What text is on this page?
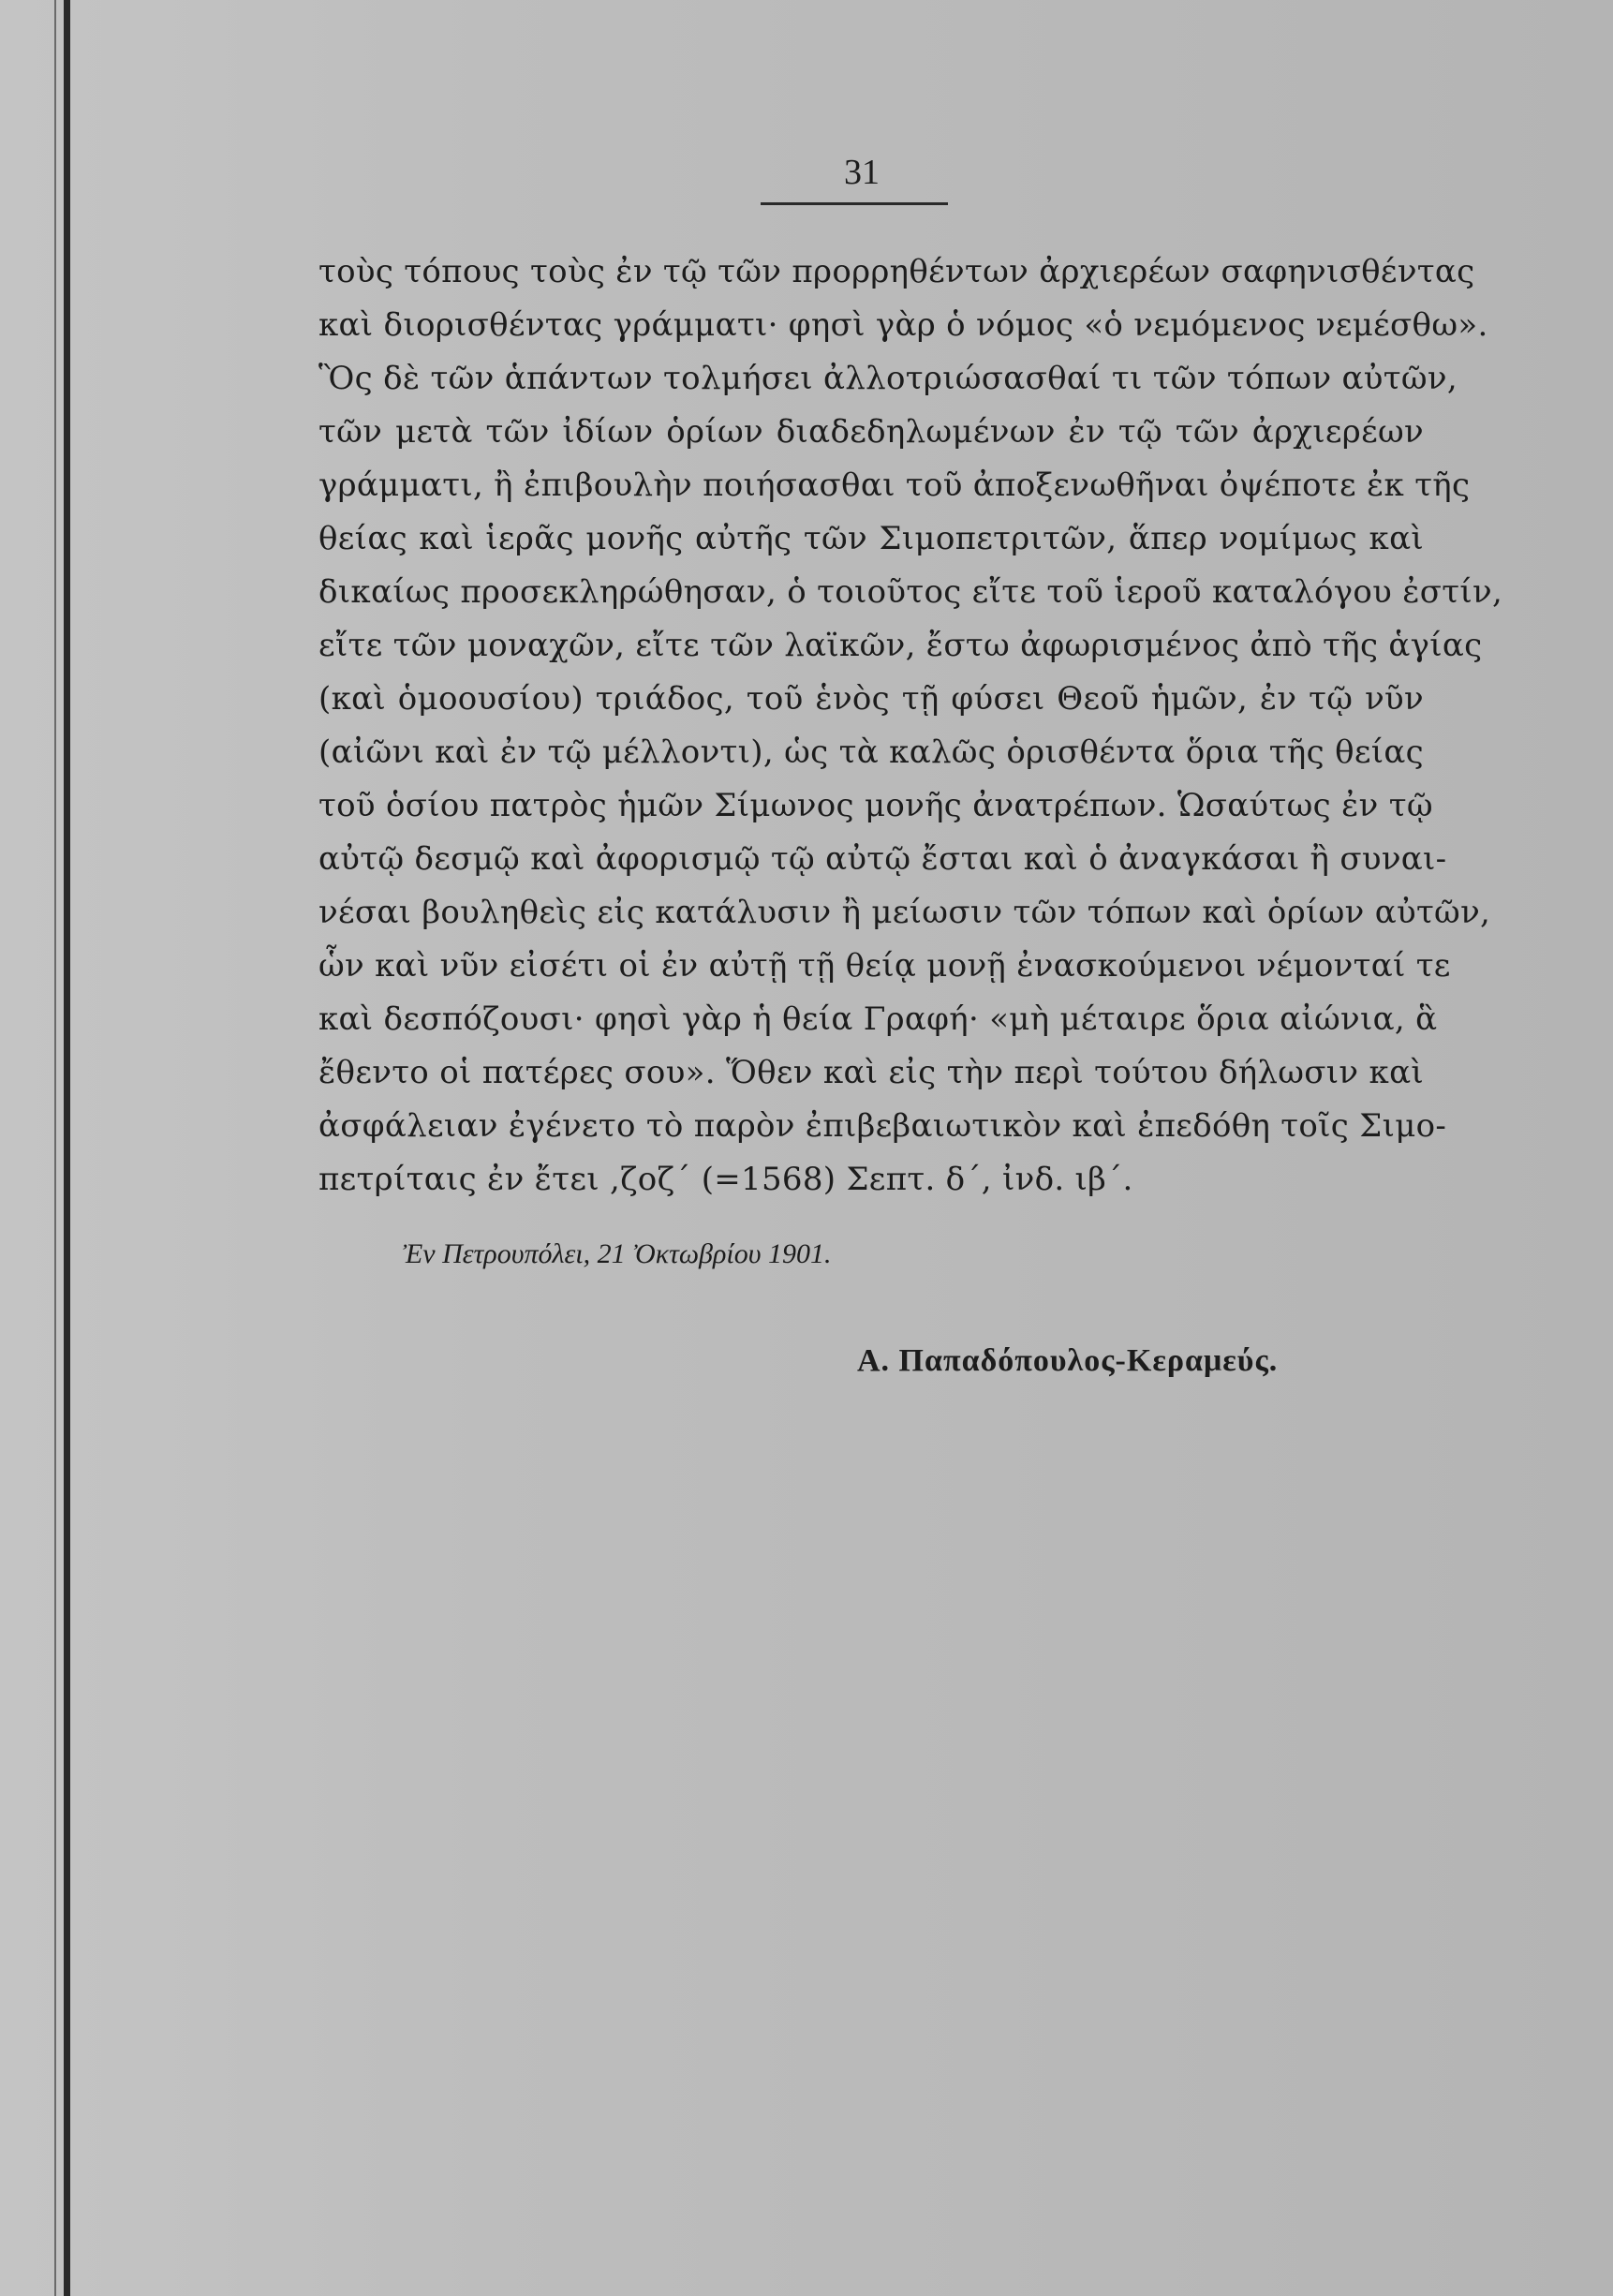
31
τοὺς τόπους τοὺς ἐν τῷ τῶν προρρηθέντων ἀρχιερέων σαφηνισθέντας
καὶ διορισθέντας γράμματι· φησὶ γὰρ ὁ νόμος «ὁ νεμόμενος νεμέσθω».
Ὃς δὲ τῶν ἁπάντων τολμήσει ἀλλοτριώσασθαί τι τῶν τόπων αὐτῶν,
τῶν μετὰ τῶν ἰδίων ὁρίων διαδεδηλωμένων ἐν τῷ τῶν ἀρχιερέων
γράμματι, ἢ ἐπιβουλὴν ποιήσασθαι τοῦ ἀποξενωθῆναι ὀψέποτε ἐκ τῆς
θείας καὶ ἱερᾶς μονῆς αὐτῆς τῶν Σιμοπετριτῶν, ἅπερ νομίμως καὶ
δικαίως προσεκληρώθησαν, ὁ τοιοῦτος εἴτε τοῦ ἱεροῦ καταλόγου ἐστίν,
εἴτε τῶν μοναχῶν, εἴτε τῶν λαϊκῶν, ἔστω ἀφωρισμένος ἀπὸ τῆς ἁγίας
(καὶ ὁμοουσίου) τριάδος, τοῦ ἑνὸς τῇ φύσει Θεοῦ ἡμῶν, ἐν τῷ νῦν
(αἰῶνι καὶ ἐν τῷ μέλλοντι), ὡς τὰ καλῶς ὁρισθέντα ὅρια τῆς θείας
τοῦ ὁσίου πατρὸς ἡμῶν Σίμωνος μονῆς ἀνατρέπων. Ὡσαύτως ἐν τῷ
αὐτῷ δεσμῷ καὶ ἀφορισμῷ τῷ αὐτῷ ἔσται καὶ ὁ ἀναγκάσαι ἢ συναι-
νέσαι βουληθεὶς εἰς κατάλυσιν ἢ μείωσιν τῶν τόπων καὶ ὁρίων αὐτῶν,
ὧν καὶ νῦν εἰσέτι οἱ ἐν αὐτῇ τῇ θείᾳ μονῇ ἐνασκούμενοι νέμονταί τε
καὶ δεσπόζουσι· φησὶ γὰρ ἡ θεία Γραφή· «μὴ μέταιρε ὅρια αἰώνια, ἃ
ἔθεντο οἱ πατέρες σου». Ὅθεν καὶ εἰς τὴν περὶ τούτου δήλωσιν καὶ
ἀσφάλειαν ἐγένετο τὸ παρὸν ἐπιβεβαιωτικὸν καὶ ἐπεδόθη τοῖς Σιμο-
πετρίταις ἐν ἔτει ,ζοζ΄ (=1568) Σεπτ. δ΄, ἰνδ. ιβ΄.
Ἐν Πετρουπόλει, 21 Ὀκτωβρίου 1901.
Α. Παπαδόπουλος-Κεραμεύς.
